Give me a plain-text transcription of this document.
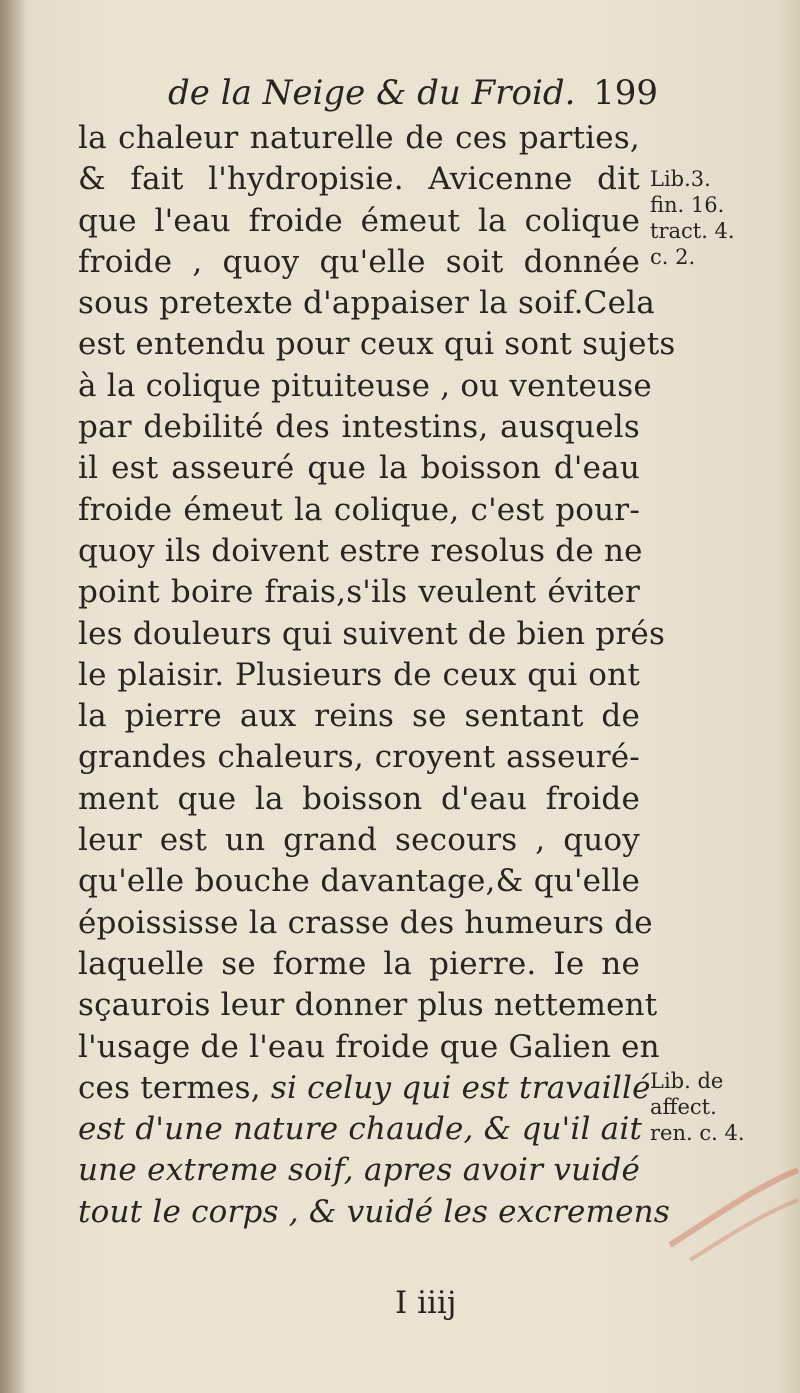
de la Neige & du Froid. 199
la chaleur naturelle de ces parties,
& fait l'hydropisie. Avicenne dit
que l'eau froide émeut la colique
froide , quoy qu'elle soit donnée
sous pretexte d'appaiser la soif.Cela
est entendu pour ceux qui sont sujets
à la colique pituiteuse , ou venteuse
par debilité des intestins, ausquels
il est asseuré que la boisson d'eau
froide émeut la colique, c'est pour-
quoy ils doivent estre resolus de ne
point boire frais,s'ils veulent éviter
les douleurs qui suivent de bien prés
le plaisir. Plusieurs de ceux qui ont
la pierre aux reins se sentant de
grandes chaleurs, croyent asseuré-
ment que la boisson d'eau froide
leur est un grand secours , quoy
qu'elle bouche davantage,& qu'elle
époississe la crasse des humeurs de
laquelle se forme la pierre. Ie ne
sçaurois leur donner plus nettement
l'usage de l'eau froide que Galien en
ces termes, si celuy qui est travaillé
est d'une nature chaude, & qu'il ait
une extreme soif, apres avoir vuidé
tout le corps , & vuidé les excremens
Lib.3.
fin. 16.
tract. 4.
c. 2.
Lib. de
affect.
ren. c. 4.
I iiij
